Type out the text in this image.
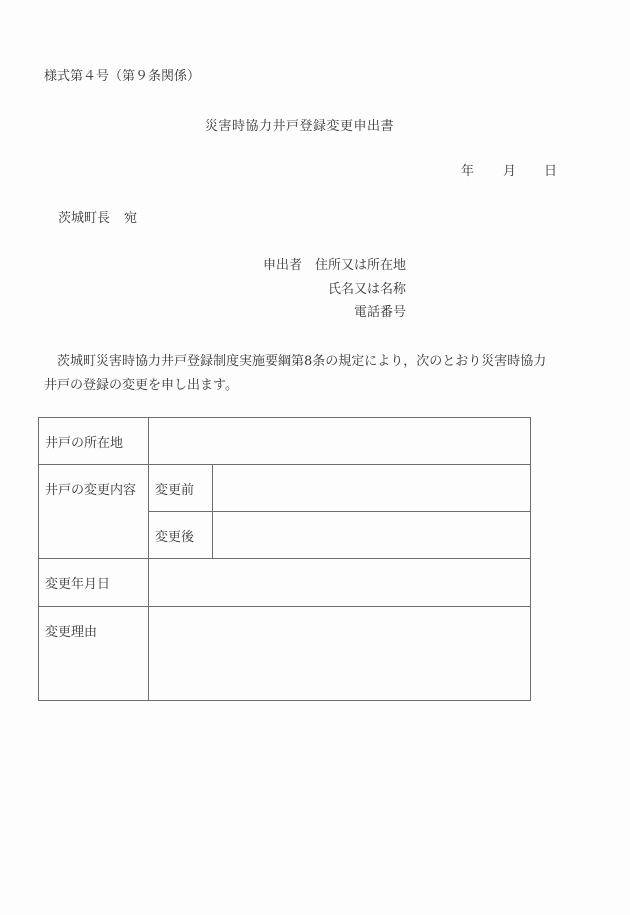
様式第４号（第９条関係）
災害時協力井戸登録変更申出書
年 月 日
茨城町長 宛
申出者 住所又は所在地
氏名又は名称
電話番号
茨城町災害時協力井戸登録制度実施要綱第8条の規定により，次のとおり災害時協力井戸の登録の変更を申し出ます。
井戸の所在地		
井戸の変更内容	変更前	
	変更後	
変更年月日		
変更理由		
